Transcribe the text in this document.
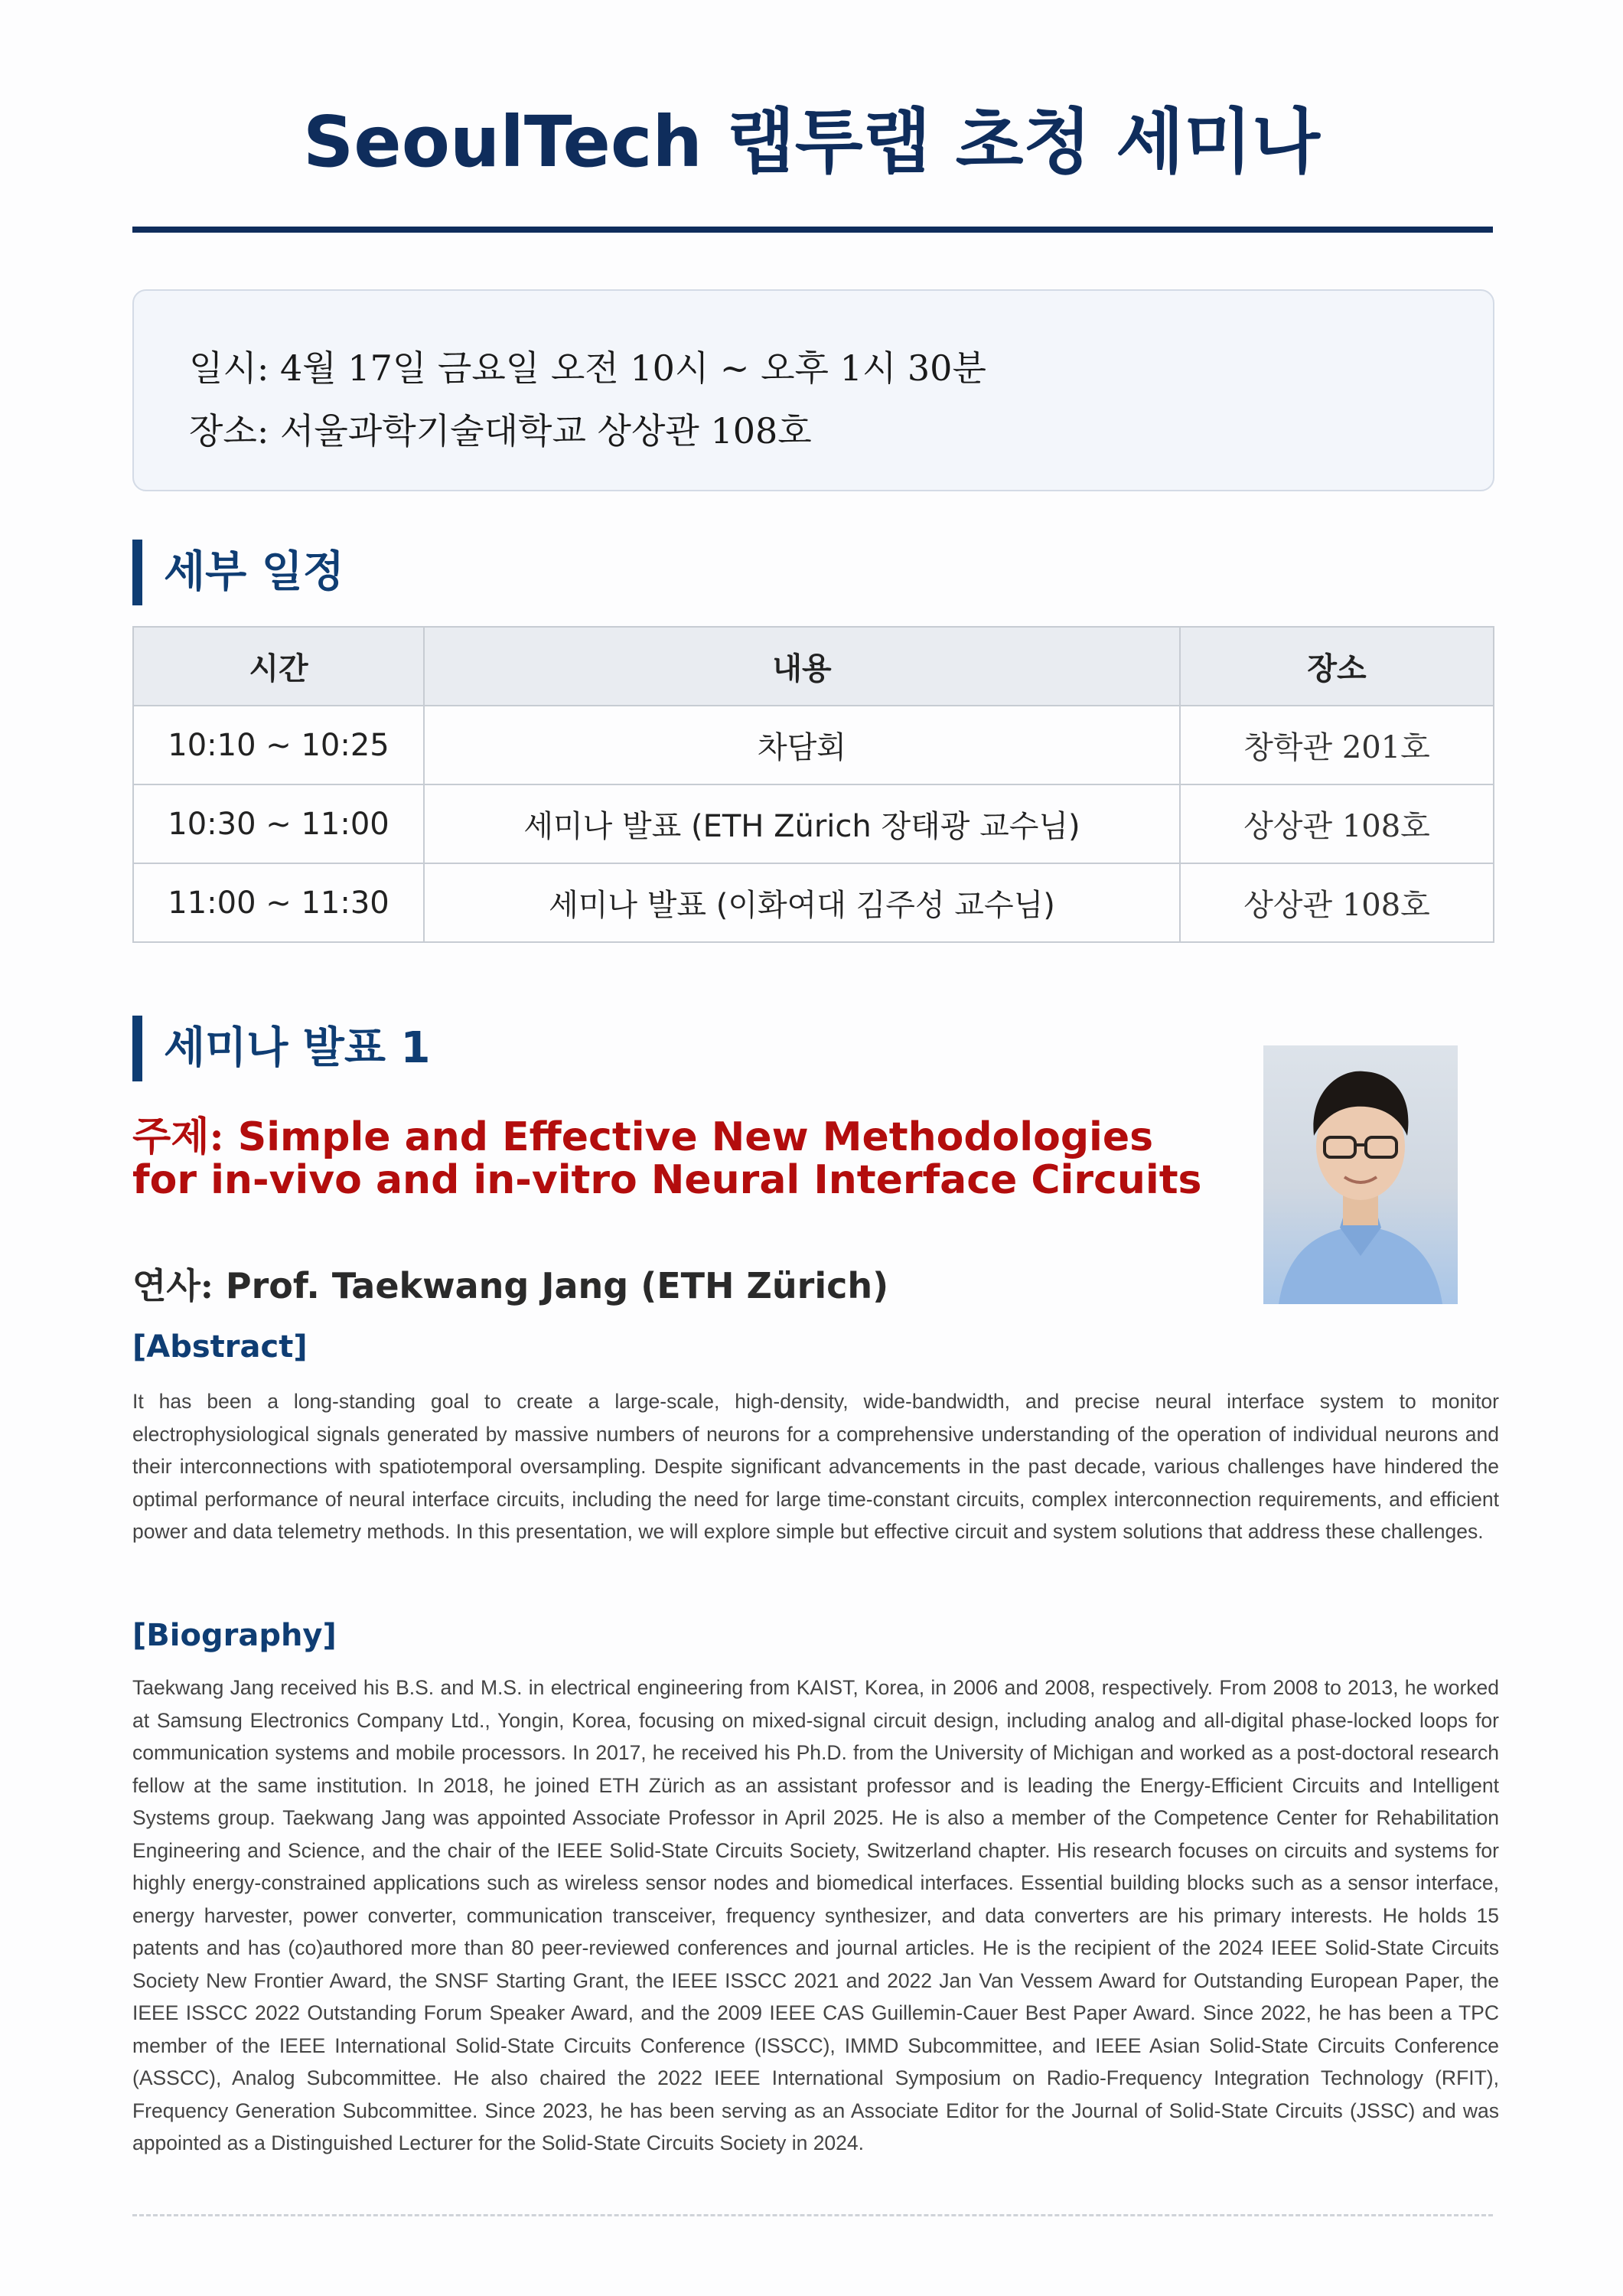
SeoulTech 랩투랩 초청 세미나
일시: 4월 17일 금요일 오전 10시 ~ 오후 1시 30분
장소: 서울과학기술대학교 상상관 108호
세부 일정
시간	내용	장소
10:10 ~ 10:25	차담회	창학관 201호
10:30 ~ 11:00	세미나 발표 (ETH Zürich 장태광 교수님)	상상관 108호
11:00 ~ 11:30	세미나 발표 (이화여대 김주성 교수님)	상상관 108호
세미나 발표 1
주제: Simple and Effective New Methodologies
for in-vivo and in-vitro Neural Interface Circuits
연사: Prof. Taekwang Jang (ETH Zürich)
[Abstract]
It has been a long-standing goal to create a large-scale, high-density, wide-bandwidth, and precise neural interface system to monitor electrophysiological signals generated by massive numbers of neurons for a comprehensive understanding of the operation of individual neurons and their interconnections with spatiotemporal oversampling. Despite significant advancements in the past decade, various challenges have hindered the optimal performance of neural interface circuits, including the need for large time-constant circuits, complex interconnection requirements, and efficient power and data telemetry methods. In this presentation, we will explore simple but effective circuit and system solutions that address these challenges.
[Biography]
Taekwang Jang received his B.S. and M.S. in electrical engineering from KAIST, Korea, in 2006 and 2008, respectively. From 2008 to 2013, he worked at Samsung Electronics Company Ltd., Yongin, Korea, focusing on mixed-signal circuit design, including analog and all-digital phase-locked loops for communication systems and mobile processors. In 2017, he received his Ph.D. from the University of Michigan and worked as a post-doctoral research fellow at the same institution. In 2018, he joined ETH Zürich as an assistant professor and is leading the Energy-Efficient Circuits and Intelligent Systems group. Taekwang Jang was appointed Associate Professor in April 2025. He is also a member of the Competence Center for Rehabilitation Engineering and Science, and the chair of the IEEE Solid-State Circuits Society, Switzerland chapter. His research focuses on circuits and systems for highly energy-constrained applications such as wireless sensor nodes and biomedical interfaces. Essential building blocks such as a sensor interface, energy harvester, power converter, communication transceiver, frequency synthesizer, and data converters are his primary interests. He holds 15 patents and has (co)authored more than 80 peer-reviewed conferences and journal articles. He is the recipient of the 2024 IEEE Solid-State Circuits Society New Frontier Award, the SNSF Starting Grant, the IEEE ISSCC 2021 and 2022 Jan Van Vessem Award for Outstanding European Paper, the IEEE ISSCC 2022 Outstanding Forum Speaker Award, and the 2009 IEEE CAS Guillemin-Cauer Best Paper Award. Since 2022, he has been a TPC member of the IEEE International Solid-State Circuits Conference (ISSCC), IMMD Subcommittee, and IEEE Asian Solid-State Circuits Conference (ASSCC), Analog Subcommittee. He also chaired the 2022 IEEE International Symposium on Radio-Frequency Integration Technology (RFIT), Frequency Generation Subcommittee. Since 2023, he has been serving as an Associate Editor for the Journal of Solid-State Circuits (JSSC) and was appointed as a Distinguished Lecturer for the Solid-State Circuits Society in 2024.
